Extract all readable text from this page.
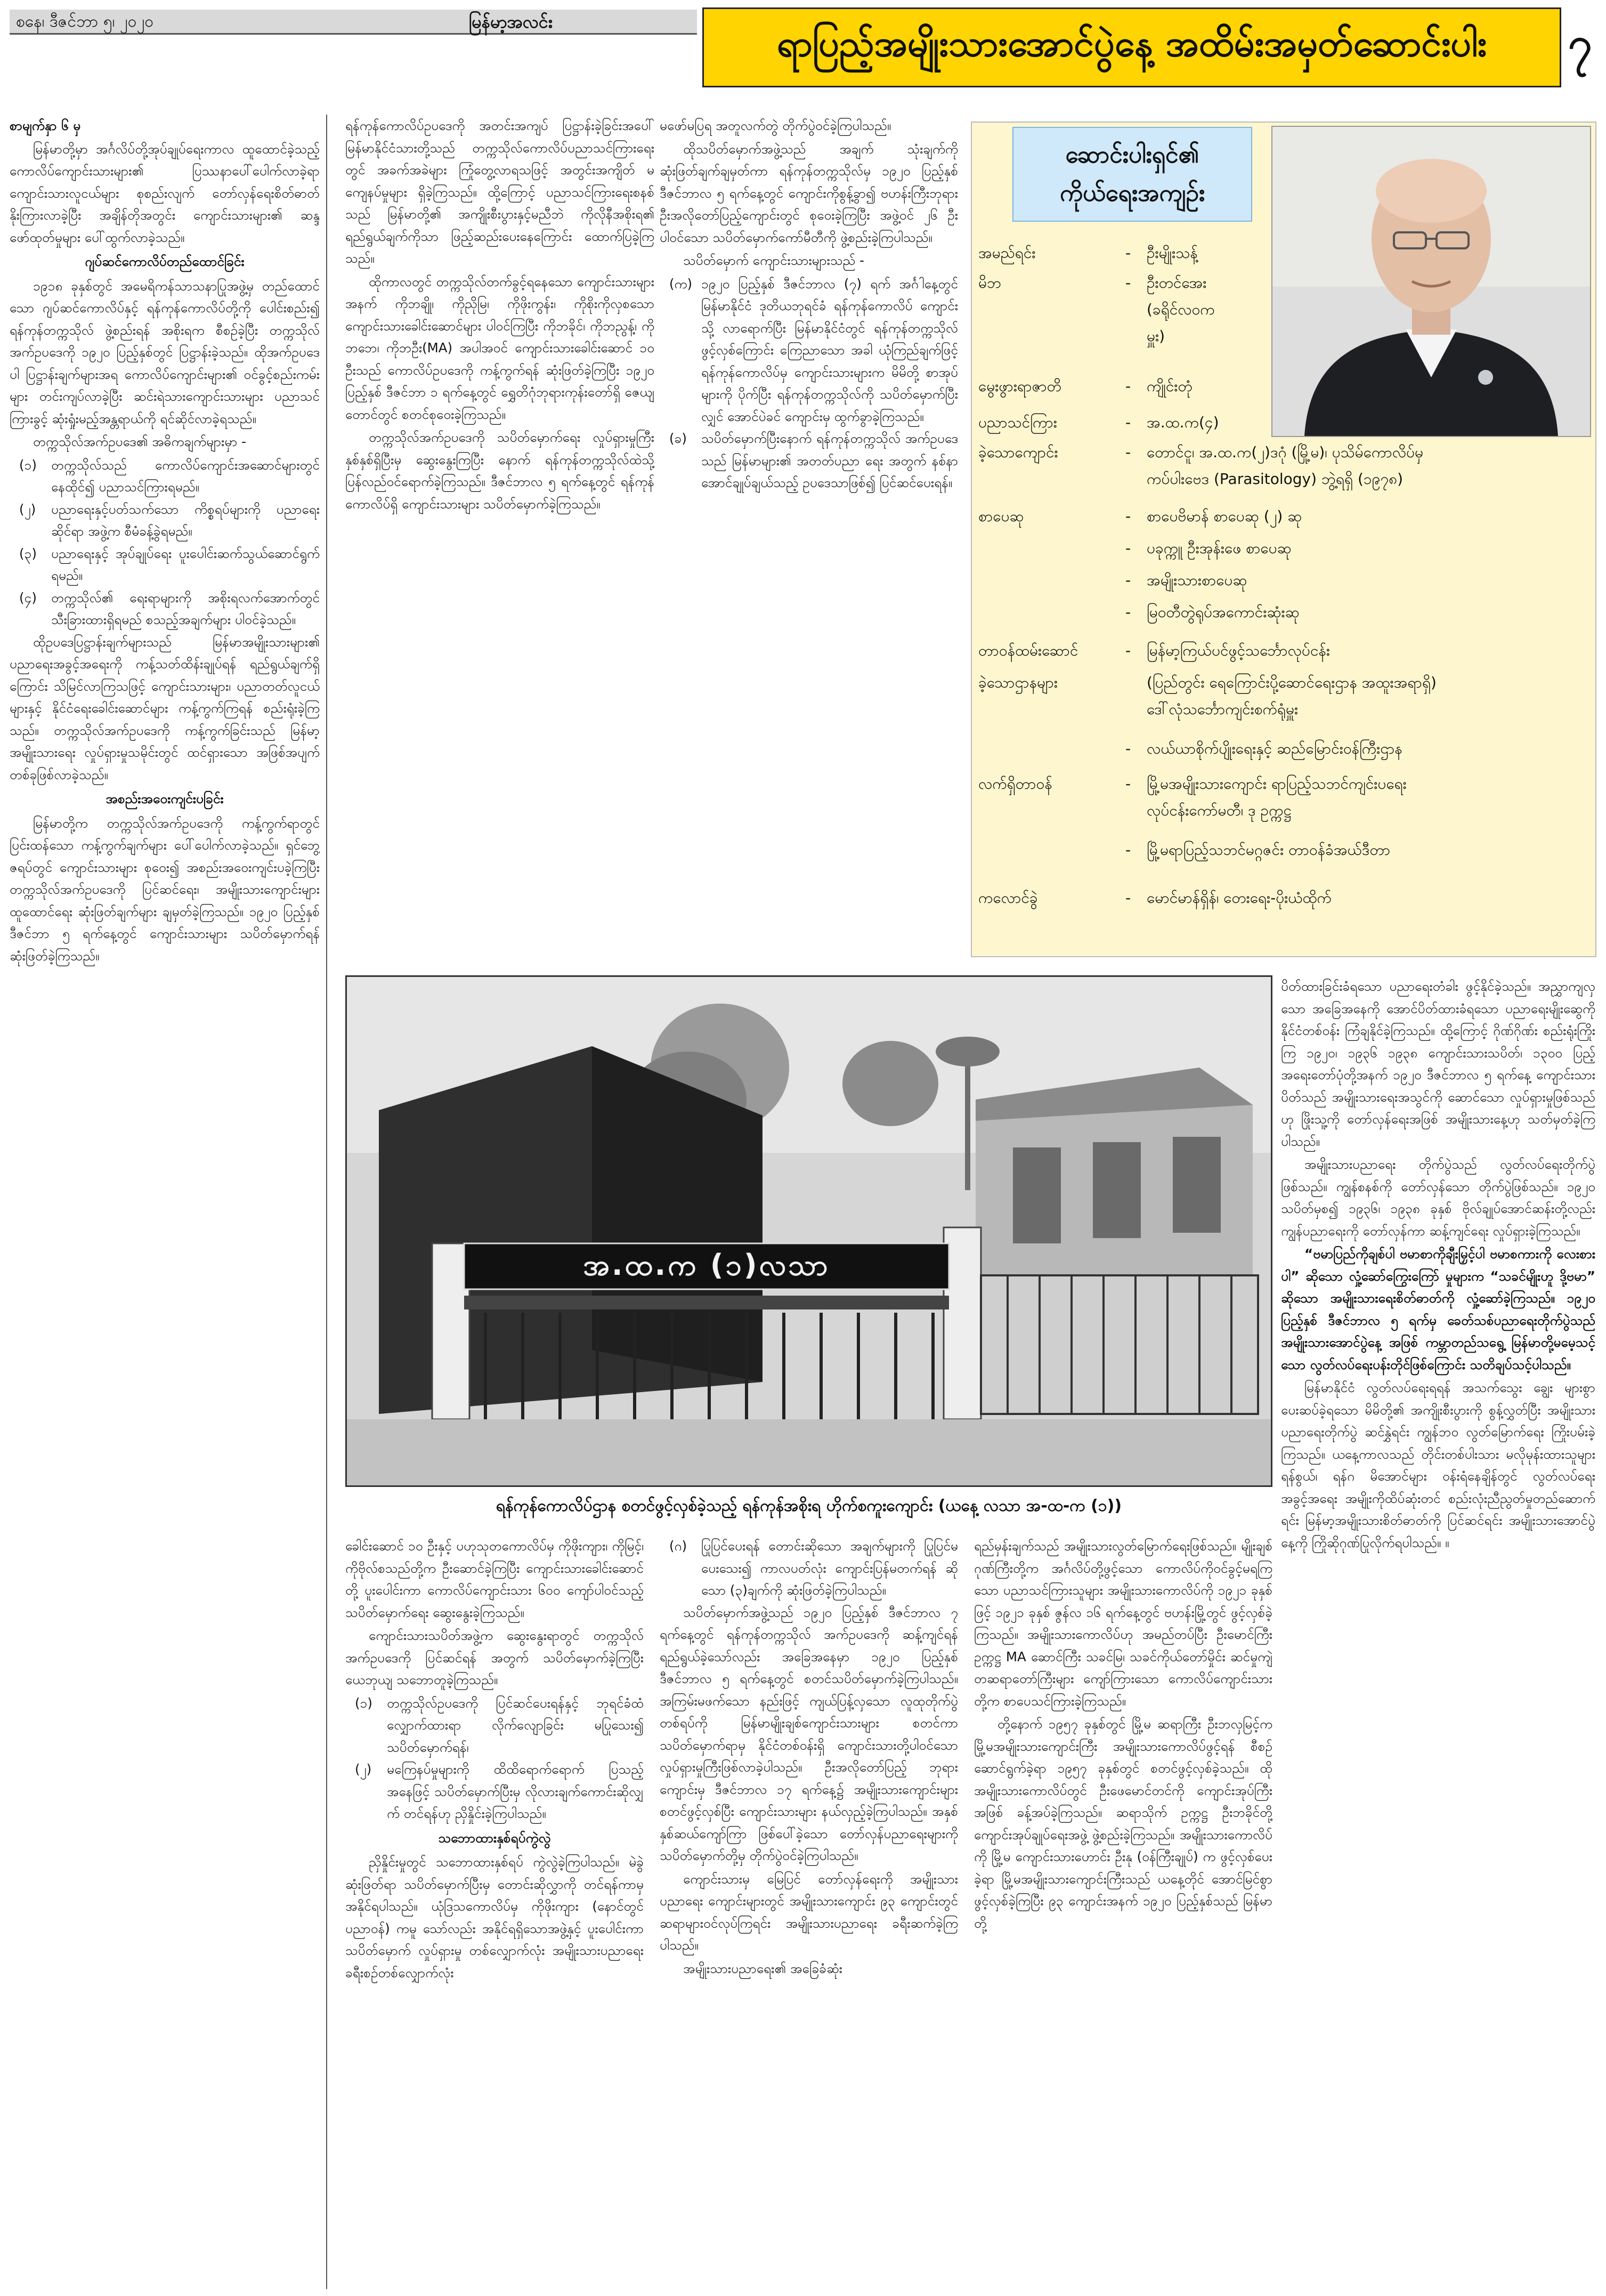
စနေ၊ ဒီဇင်ဘာ ၅၊ ၂၀၂၀	မြန်မာ့အလင်း
ရာပြည့်အမျိုးသားအောင်ပွဲနေ့ အထိမ်းအမှတ်ဆောင်းပါး	၇

စာမျက်နှာ ၆ မှ

မြန်မာတို့မှာ အင်္ဂလိပ်တို့အုပ်ချုပ်ရေးကာလ ထူထောင်ခဲ့သည့် ကောလိပ်ကျောင်းသားများ၏ ပြဿနာပေါ်ပေါက်လာခဲ့ရာ ကျောင်းသားလူငယ်များ စုစည်းလျက် တော်လှန်ရေးစိတ်ဓာတ် နိုးကြားလာခဲ့ပြီး အချိန်တိုအတွင်း ကျောင်းသားများ၏ ဆန္ဒဖော်ထုတ်မှုများ ပေါ်ထွက်လာခဲ့သည်။

ဂျပ်ဆင်ကောလိပ်တည်ထောင်ခြင်း

၁၉၁၈ ခုနှစ်တွင် အမေရိကန်သာသနာပြုအဖွဲ့မှ တည်ထောင်သော ဂျပ်ဆင်ကောလိပ်နှင့် ရန်ကုန်ကောလိပ်တို့ကို ပေါင်းစည်း၍ ရန်ကုန်တက္ကသိုလ် ဖွဲ့စည်းရန် အစိုးရက စီစဉ်ခဲ့ပြီး တက္ကသိုလ်အက်ဥပဒေကို ၁၉၂၀ ပြည့်နှစ်တွင် ပြဋ္ဌာန်းခဲ့သည်။ ထိုအက်ဥပဒေပါ ပြဋ္ဌာန်းချက်များအရ ကောလိပ်ကျောင်းများ၏ ဝင်ခွင့်စည်းကမ်းများ တင်းကျပ်လာခဲ့ပြီး ဆင်းရဲသားကျောင်းသားများ ပညာသင်ကြားခွင့် ဆုံးရှုံးမည့်အန္တရာယ်ကို ရင်ဆိုင်လာခဲ့ရသည်။

တက္ကသိုလ်အက်ဥပဒေ၏ အဓိကချက်များမှာ -

(၁) တက္ကသိုလ်သည် ကောလိပ်ကျောင်းအဆောင်များတွင် နေထိုင်၍ ပညာသင်ကြားရမည်။

(၂) ပညာရေးနှင့်ပတ်သက်သော ကိစ္စရပ်များကို ပညာရေးဆိုင်ရာ အဖွဲ့က စီမံခန့်ခွဲရမည်။

(၃) ပညာရေးနှင့် အုပ်ချုပ်ရေး ပူးပေါင်းဆက်သွယ်ဆောင်ရွက်ရမည်။

(၄) တက္ကသိုလ်၏ ရေးရာများကို အစိုးရလက်အောက်တွင် သီးခြားထားရှိရမည် စသည့်အချက်များ ပါဝင်ခဲ့သည်။

ထိုဥပဒေပြဋ္ဌာန်းချက်များသည် မြန်မာအမျိုးသားများ၏ ပညာရေးအခွင့်အရေးကို ကန့်သတ်ထိန်းချုပ်ရန် ရည်ရွယ်ချက်ရှိကြောင်း သိမြင်လာကြသဖြင့် ကျောင်းသားများ၊ ပညာတတ်လူငယ်များနှင့် နိုင်ငံရေးခေါင်းဆောင်များ ကန့်ကွက်ကြရန် စည်းရုံးခဲ့ကြသည်။ တက္ကသိုလ်အက်ဥပဒေကို ကန့်ကွက်ခြင်းသည် မြန်မာ့အမျိုးသားရေး လှုပ်ရှားမှုသမိုင်းတွင် ထင်ရှားသော အဖြစ်အပျက်တစ်ခုဖြစ်လာခဲ့သည်။

အစည်းအဝေးကျင်းပခြင်း

မြန်မာတို့က တက္ကသိုလ်အက်ဥပဒေကို ကန့်ကွက်ရာတွင် ပြင်းထန်သော ကန့်ကွက်ချက်များ ပေါ်ပေါက်လာခဲ့သည်။ ရှင်ဘွေ့ဇရပ်တွင် ကျောင်းသားများ စုဝေး၍ အစည်းအဝေးကျင်းပခဲ့ကြပြီး တက္ကသိုလ်အက်ဥပဒေကို ပြင်ဆင်ရေး၊ အမျိုးသားကျောင်းများ ထူထောင်ရေး ဆုံးဖြတ်ချက်များ ချမှတ်ခဲ့ကြသည်။ ၁၉၂၀ ပြည့်နှစ် ဒီဇင်ဘာ ၅ ရက်နေ့တွင် ကျောင်းသားများ သပိတ်မှောက်ရန် ဆုံးဖြတ်ခဲ့ကြသည်။

ရန်ကုန်ကောလိပ်ဥပဒေကို အတင်းအကျပ် ပြဋ္ဌာန်းခဲ့ခြင်းအပေါ် မြန်မာနိုင်ငံသားတို့သည် တက္ကသိုလ်ကောလိပ်ပညာသင်ကြားရေးတွင် အခက်အခဲများ ကြုံတွေ့လာရသဖြင့် အတွင်းအကျိတ် မကျေနပ်မှုများ ရှိခဲ့ကြသည်။ ထို့ကြောင့် ပညာသင်ကြားရေးစနစ်သည် မြန်မာတို့၏ အကျိုးစီးပွားနှင့်မညီဘဲ ကိုလိုနီအစိုးရ၏ ရည်ရွယ်ချက်ကိုသာ ဖြည့်ဆည်းပေးနေကြောင်း ထောက်ပြခဲ့ကြသည်။

ထိုကာလတွင် တက္ကသိုလ်တက်ခွင့်ရနေသော ကျောင်းသားများအနက် ကိုဘချို၊ ကိုညိုမြ၊ ကိုဖိုးကွန်း၊ ကိုစိုးကိုလှစသော ကျောင်းသားခေါင်းဆောင်များ ပါဝင်ကြပြီး ကိုဘခိုင်၊ ကိုဘညွန့်၊ ကိုဘဘေ၊ ကိုဘဦး(MA) အပါအဝင် ကျောင်းသားခေါင်းဆောင် ၁၀ ဦးသည် ကောလိပ်ဥပဒေကို ကန့်ကွက်ရန် ဆုံးဖြတ်ခဲ့ကြပြီး ၁၉၂၀ ပြည့်နှစ် ဒီဇင်ဘာ ၁ ရက်နေ့တွင် ရွှေတိဂုံဘုရားကုန်းတော်ရှိ ဇေယျတောင်တွင် စတင်စုဝေးခဲ့ကြသည်။

တက္ကသိုလ်အက်ဥပဒေကို သပိတ်မှောက်ရေး လှုပ်ရှားမှုကြီး နှစ်နှစ်ရှိပြီးမှ ဆွေးနွေးကြပြီး နောက် ရန်ကုန်တက္ကသိုလ်ထဲသို့ ပြန်လည်ဝင်ရောက်ခဲ့ကြသည်။ ဒီဇင်ဘာလ ၅ ရက်နေ့တွင် ရန်ကုန်ကောလိပ်ရှိ ကျောင်းသားများ သပိတ်မှောက်ခဲ့ကြသည်။

မဖော်မပြရ အတူလက်တွဲ တိုက်ပွဲဝင်ခဲ့ကြပါသည်။

ထိုသပိတ်မှောက်အဖွဲ့သည် အချက် သုံးချက်ကို ဆုံးဖြတ်ချက်ချမှတ်ကာ ရန်ကုန်တက္ကသိုလ်မှ ၁၉၂၀ ပြည့်နှစ် ဒီဇင်ဘာလ ၅ ရက်နေ့တွင် ကျောင်းကိုစွန့်ခွာ၍ ဗဟန်းကြီးဘုရား ဦးအလိုတော်ပြည့်ကျောင်းတွင် စုဝေးခဲ့ကြပြီး အဖွဲ့ဝင် ၂၆ ဦးပါဝင်သော သပိတ်မှောက်ကော်မီတီကို ဖွဲ့စည်းခဲ့ကြပါသည်။

သပိတ်မှောက် ကျောင်းသားများသည် -

(က) ၁၉၂၀ ပြည့်နှစ် ဒီဇင်ဘာလ (၇) ရက် အင်္ဂါနေ့တွင် မြန်မာနိုင်ငံ ဒုတိယဘုရင်ခံ ရန်ကုန်ကောလိပ် ကျောင်းသို့ လာရောက်ပြီး မြန်မာနိုင်ငံတွင် ရန်ကုန်တက္ကသိုလ် ဖွင့်လှစ်ကြောင်း ကြေညာသော အခါ ယုံကြည်ချက်ဖြင့် ရန်ကုန်ကောလိပ်မှ ကျောင်းသားများက မိမိတို့ စာအုပ်များကို ပိုက်ပြီး ရန်ကုန်တက္ကသိုလ်ကို သပိတ်မှောက်ပြီးလျှင် အောင်ပဲခင် ကျောင်းမှ ထွက်ခွာခဲ့ကြသည်။

(ခ) သပိတ်မှောက်ပြီးနောက် ရန်ကုန်တက္ကသိုလ် အက်ဥပဒေသည် မြန်မာများ၏ အတတ်ပညာ ရေး အတွက် နစ်နာအောင်ချုပ်ချယ်သည့် ဥပဒေသာဖြစ်၍ ပြင်ဆင်ပေးရန်။

ဆောင်းပါးရှင်၏
ကိုယ်ရေးအကျဉ်း
အမည်ရင်း	-	ဦးမျိုးသန့်
မိဘ	-	ဦးတင်အေး
(ခရိုင်လဝက
မှူး)
မွေးဖွားရာဇာတိ	-	ကျိုင်းတုံ
ပညာသင်ကြား	-	အ.ထ.က(၄)
ခဲ့သောကျောင်း	-	တောင်ငူ၊ အ.ထ.က(၂)ဒဂုံ (မြို့မ)၊ ပုသိမ်ကောလိပ်မှ
ကပ်ပါးဗေဒ (Parasitology) ဘွဲ့ရရှိ (၁၉၇၈)
စာပေဆု	-	စာပေဗိမာန် စာပေဆု (၂) ဆု
-	ပခုက္ကူ ဦးအုန်းဖေ စာပေဆု
-	အမျိုးသားစာပေဆု
-	မြဝတီတွဲရုပ်အကောင်းဆုံးဆု
တာဝန်ထမ်းဆောင်	-	မြန်မာ့ကြယ်ပင်ဖွင့်သင်္ဘောလုပ်ငန်း
ခဲ့သောဌာနများ	(ပြည်တွင်း ရေကြောင်းပို့ဆောင်ရေးဌာန အထူးအရာရှိ)
ဒေါ်လုံသင်္ဘောကျင်းစက်ရုံမှူး
-	လယ်ယာစိုက်ပျိုးရေးနှင့် ဆည်မြောင်းဝန်ကြီးဌာန
လက်ရှိတာဝန်	-	မြို့မအမျိုးသားကျောင်း ရာပြည့်သဘင်ကျင်းပရေး
လုပ်ငန်းကော်မတီ၊ ဒု ဥက္ကဋ္ဌ
-	မြို့မရာပြည့်သဘင်မဂ္ဂဇင်း တာဝန်ခံအယ်ဒီတာ
ကလောင်ခွဲ	-	မောင်မာန်ရှိန်၊ တေးရေး-ပိုးယံထိုက်
အ.ထ.က (၁)လသာ
ရန်ကုန်ကောလိပ်ဌာန စတင်ဖွင့်လှစ်ခဲ့သည့် ရန်ကုန်အစိုးရ ဟိုက်စကူးကျောင်း (ယနေ့ လသာ အ-ထ-က (၁))

ပိတ်ထားခြင်းခံရသော ပညာရေးတံခါး ဖွင့်နိုင်ခဲ့သည်။ အညွှာကျလှသော အခြေအနေကို အောင်ပိတ်ထားခံရသော ပညာရေးမျိုးဆွေကို နိုင်ငံတစ်ဝန်း ကြံချနိုင်ခဲ့ကြသည်။ ထို့ကြောင့် ဂိုဏ်ဂိုဏ်း စည်းရုံးကြိုးကြ ၁၉၂၀၊ ၁၉၃၆ ၁၉၃၈ ကျောင်းသားသပိတ်၊ ၁၃၀၀ ပြည့်အရေးတော်ပုံတို့အနက် ၁၉၂၀ ဒီဇင်ဘာလ ၅ ရက်နေ့ ကျောင်းသားပိတ်သည် အမျိုးသားရေးအသွင်ကို ဆောင်သော လှုပ်ရှားမှုဖြစ်သည်ဟု ဖြိုးသူ့ကို တော်လှန်ရေးအဖြစ် အမျိုးသားနေ့ဟု သတ်မှတ်ခဲ့ကြပါသည်။

အမျိုးသားပညာရေး တိုက်ပွဲသည် လွတ်လပ်ရေးတိုက်ပွဲဖြစ်သည်။ ကျွန်စနစ်ကို တော်လှန်သော တိုက်ပွဲဖြစ်သည်။ ၁၉၂၀ သပိတ်မှစ၍ ၁၉၃၆၊ ၁၉၃၈ ခုနှစ် ဗိုလ်ချုပ်အောင်ဆန်းတို့လည်း ကျွန်ပညာရေးကို တော်လှန်ကာ ဆန့်ကျင်ရေး လှုပ်ရှားခဲ့ကြသည်။

“ဗမာပြည်ကိုချစ်ပါ ဗမာစာကိုချီးမြှင့်ပါ ဗမာစကားကို လေးစားပါ” ဆိုသော လှုံ့ဆော်ကြွေးကြော် မှုများက “သခင်မျိုးဟူ ဒို့ဗမာ” ဆိုသော အမျိုးသားရေးစိတ်ဓာတ်ကို လှုံ့ဆော်ခဲ့ကြသည်။ ၁၉၂၀ ပြည့်နှစ် ဒီဇင်ဘာလ ၅ ရက်မှ ခေတ်သစ်ပညာရေးတိုက်ပွဲသည် အမျိုးသားအောင်ပွဲနေ့ အဖြစ် ကမ္ဘာတည်သရွေ့ မြန်မာတို့မမေ့သင့်သော လွတ်လပ်ရေးပန်းတိုင်ဖြစ်ကြောင်း သတိချပ်သင့်ပါသည်။

မြန်မာနိုင်ငံ လွတ်လပ်ရေးရရန် အသက်သွေး ချွေး များစွာ ပေးဆပ်ခဲ့ရသော မိမိတို့၏ အကျိုးစီးပွားကို စွန့်လွှတ်ပြီး အမျိုးသားပညာရေးတိုက်ပွဲ ဆင်နွှဲရင်း ကျွန်ဘဝ လွတ်မြောက်ရေး ကြိုးပမ်းခဲ့ကြသည်။ ယနေ့ကာလသည် တိုင်းတစ်ပါးသား မလိုမုန်းထားသူများ ရန်စွယ်၊ ရန်ဂ မိအောင်များ ဝန်းရံနေချိန်တွင် လွတ်လပ်ရေးအခွင့်အရေး အမျိုးကိုထိပ်ဆုံးတင် စည်းလုံးညီညွတ်မှုတည်ဆောက်ရင်း မြန်မာ့အမျိုးသားစိတ်ဓာတ်ကို ပြင်ဆင်ရင်း အမျိုးသားအောင်ပွဲနေ့ကို ကြိုဆိုဂုဏ်ပြုလိုက်ရပါသည်။ ။

ခေါင်းဆောင် ၁၀ ဦးနှင့် ပဟုသုတကောလိပ်မှ ကိုဖိုးကျား၊ ကိုမြင့်၊ ကိုဗိုလ်စသည်တို့က ဦးဆောင်ခဲ့ကြပြီး ကျောင်းသားခေါင်းဆောင်တို့ ပူးပေါင်းကာ ကောလိပ်ကျောင်းသား ၆၀၀ ကျော်ပါဝင်သည့် သပိတ်မှောက်ရေး ဆွေးနွေးခဲ့ကြသည်။

ကျောင်းသားသပိတ်အဖွဲ့က ဆွေးနွေးရာတွင် တက္ကသိုလ်အက်ဥပဒေကို ပြင်ဆင်ရန် အတွက် သပိတ်မှောက်ခဲ့ကြပြီး ယေဘုယျ သဘောတူခဲ့ကြသည်။

(၁) တက္ကသိုလ်ဥပဒေကို ပြင်ဆင်ပေးရန်နှင့် ဘုရင်ခံထံ လျှောက်ထားရာ လိုက်လျောခြင်း မပြုသေး၍ သပိတ်မှောက်ရန်၊

(၂) မကြေနပ်မှုများကို ထိထိရောက်ရောက် ပြသည့် အနေဖြင့် သပိတ်မှောက်ပြီးမှ လိုလားချက်ကောင်းဆိုလျှက် တင်ရန်ဟု ညှိနှိုင်းခဲ့ကြပါသည်။

သဘောထားနှစ်ရပ်ကွဲလွဲ

ညှိနှိုင်းမှုတွင် သဘောထားနှစ်ရပ် ကွဲလွဲခဲ့ကြပါသည်။ မဲခွဲဆုံးဖြတ်ရာ သပိတ်မှောက်ပြီးမှ တောင်းဆိုလွှာကို တင်ရန်ကာမှ အနိုင်ရပါသည်။ ယုံဒြသကောလိပ်မှ ကိုဖိုးကျား (နောင်တွင် ပညာဝန်) ကမူ သော်လည်း အနိုင်ရရှိသောအဖွဲ့နှင့် ပူးပေါင်းကာ သပိတ်မှောက် လှုပ်ရှားမှု တစ်လျှောက်လုံး အမျိုးသားပညာရေး ခရီးစဉ်တစ်လျှောက်လုံး

(ဂ) ပြုပြင်ပေးရန် တောင်းဆိုသော အချက်များကို ပြုပြင်မပေးသေး၍ ကာလပတ်လုံး ကျောင်းပြန်မတက်ရန် ဆိုသော (၃)ချက်ကို ဆုံးဖြတ်ခဲ့ကြပါသည်။

သပိတ်မှောက်အဖွဲ့သည် ၁၉၂၀ ပြည့်နှစ် ဒီဇင်ဘာလ ၇ ရက်နေ့တွင် ရန်ကုန်တက္ကသိုလ် အက်ဥပဒေကို ဆန့်ကျင်ရန် ရည်ရွယ်ခဲ့သော်လည်း အခြေအနေမှာ ၁၉၂၀ ပြည့်နှစ် ဒီဇင်ဘာလ ၅ ရက်နေ့တွင် စတင်သပိတ်မှောက်ခဲ့ကြပါသည်။ အကြမ်းမဖက်သော နည်းဖြင့် ကျယ်ပြန့်လှသော လူထုတိုက်ပွဲ တစ်ရပ်ကို မြန်မာမျိုးချစ်ကျောင်းသားများ စတင်ကာ သပိတ်မှောက်ရာမှ နိုင်ငံတစ်ဝန်းရှိ ကျောင်းသားတို့ပါဝင်သော လှုပ်ရှားမှုကြီးဖြစ်လာခဲ့ပါသည်။ ဦးအလိုတော်ပြည့် ဘုရားကျောင်းမှ ဒီဇင်ဘာလ ၁၇ ရက်နေ့၌ အမျိုးသားကျောင်းများ စတင်ဖွင့်လှစ်ပြီး ကျောင်းသားများ နယ်လှည့်ခဲ့ကြပါသည်။ အနှစ်နှစ်ဆယ်ကျော်ကြာ ဖြစ်ပေါ်ခဲ့သော တော်လှန်ပညာရေးများကို သပိတ်မှောက်တို့မှ တိုက်ပွဲဝင်ခဲ့ကြပါသည်။

ကျောင်းသားမှ မြေပြင် တော်လှန်ရေးကို အမျိုးသားပညာရေး ကျောင်းများတွင် အမျိုးသားကျောင်း ၉၃ ကျောင်းတွင် ဆရာများဝင်လုပ်ကြရင်း အမျိုးသားပညာရေး ခရီးဆက်ခဲ့ကြပါသည်။

အမျိုးသားပညာရေး၏ အခြေခံဆုံး

ရည်မှန်းချက်သည် အမျိုးသားလွတ်မြောက်ရေးဖြစ်သည်။ မျိုးချစ်ဂုဏ်ကြီးတို့က အင်္ဂလိပ်တို့ဖွင့်သော ကောလိပ်ကိုဝင်ခွင့်မရကြသော ပညာသင်ကြားသူများ အမျိုးသားကောလိပ်ကို ၁၉၂၁ ခုနှစ် ဖြင့် ၁၉၂၁ ခုနှစ် ဇွန်လ ၁၆ ရက်နေ့တွင် ဗဟန်းမြို့တွင် ဖွင့်လှစ်ခဲ့ကြသည်။ အမျိုးသားကောလိပ်ဟု အမည်တပ်ပြီး ဦးမောင်ကြီး ဥက္ကဋ္ဌ MA ဆောင်ကြီး သခင်မြ၊ သခင်ကိုယ်တော်မှိုင်း ဆင်မှုကျဲ တဆရာတော်ကြီးများ ကျော်ကြားသော ကောလိပ်ကျောင်းသားတို့က စာပေသင်ကြားခဲ့ကြသည်။

တို့နောက် ၁၉၅၇ ခုနှစ်တွင် မြို့မ ဆရာကြီး ဦးဘလှမြင့်က မြို့မအမျိုးသားကျောင်းကြီး အမျိုးသားကောလိပ်ဖွင့်ရန် စီစဉ်ဆောင်ရွက်ခဲ့ရာ ၁၉၅၇ ခုနှစ်တွင် စတင်ဖွင့်လှစ်ခဲ့သည်။ ထိုအမျိုးသားကောလိပ်တွင် ဦးဖေမောင်တင်ကို ကျောင်းအုပ်ကြီးအဖြစ် ခန့်အပ်ခဲ့ကြသည်။ ဆရာသိုက် ဥက္ကဋ္ဌ ဦးဘခိုင်တို့ ကျောင်းအုပ်ချုပ်ရေးအဖွဲ့ ဖွဲ့စည်းခဲ့ကြသည်။ အမျိုးသားကောလိပ်ကို မြို့မ ကျောင်းသားဟောင်း ဦးနု (ဝန်ကြီးချုပ်) က ဖွင့်လှစ်ပေးခဲ့ရာ မြို့မအမျိုးသားကျောင်းကြီးသည် ယနေ့တိုင် အောင်မြင်စွာ ဖွင့်လှစ်ခဲ့ကြပြီး ၉၃ ကျောင်းအနက် ၁၉၂၀ ပြည့်နှစ်သည် မြန်မာတို့
